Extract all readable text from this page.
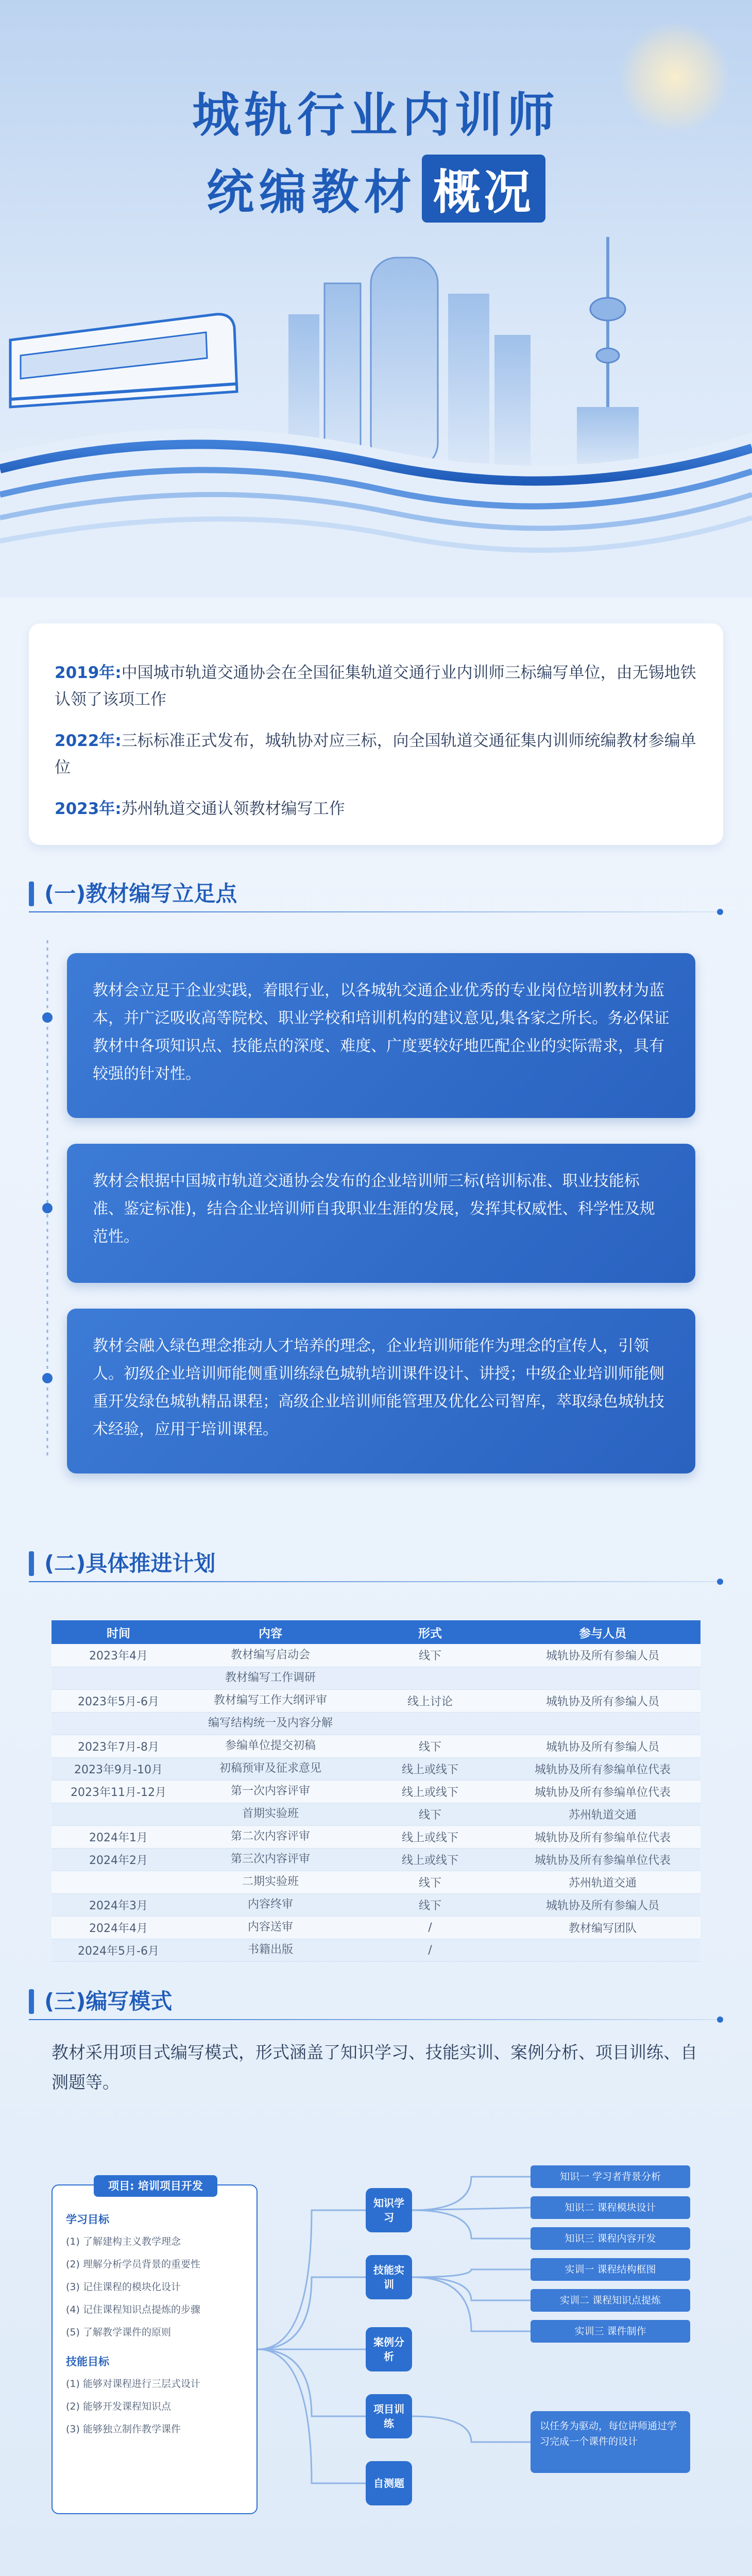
城轨行业内训师
统编教材 概况

2019年:中国城市轨道交通协会在全国征集轨道交通行业内训师三标编写单位，由无锡地铁认领了该项工作

2022年:三标标准正式发布，城轨协对应三标，向全国轨道交通征集内训师统编教材参编单位

2023年:苏州轨道交通认领教材编写工作

(一)教材编写立足点
教材会立足于企业实践，着眼行业，以各城轨交通企业优秀的专业岗位培训教材为蓝本，并广泛吸收高等院校、职业学校和培训机构的建议意见,集各家之所长。务必保证教材中各项知识点、技能点的深度、难度、广度要较好地匹配企业的实际需求，具有较强的针对性。
教材会根据中国城市轨道交通协会发布的企业培训师三标(培训标准、职业技能标准、鉴定标准)，结合企业培训师自我职业生涯的发展，发挥其权威性、科学性及规范性。
教材会融入绿色理念推动人才培养的理念，企业培训师能作为理念的宣传人，引领人。初级企业培训师能侧重训练绿色城轨培训课件设计、讲授；中级企业培训师能侧重开发绿色城轨精品课程；高级企业培训师能管理及优化公司智库，萃取绿色城轨技术经验，应用于培训课程。
(二)具体推进计划
时间	内容	形式	参与人员
2023年4月	教材编写启动会	线下	城轨协及所有参编人员
	教材编写工作调研		
2023年5月-6月	教材编写工作大纲评审	线上讨论	城轨协及所有参编人员
	编写结构统一及内容分解		
2023年7月-8月	参编单位提交初稿	线下	城轨协及所有参编人员
2023年9月-10月	初稿预审及征求意见	线上或线下	城轨协及所有参编单位代表
2023年11月-12月	第一次内容评审	线上或线下	城轨协及所有参编单位代表
	首期实验班	线下	苏州轨道交通
2024年1月	第二次内容评审	线上或线下	城轨协及所有参编单位代表
2024年2月	第三次内容评审	线上或线下	城轨协及所有参编单位代表
	二期实验班	线下	苏州轨道交通
2024年3月	内容终审	线下	城轨协及所有参编人员
2024年4月	内容送审	/	教材编写团队
2024年5月-6月	书籍出版	/	
(三)编写模式
教材采用项目式编写模式，形式涵盖了知识学习、技能实训、案例分析、项目训练、自测题等。
项目: 培训项目开发
学习目标
(1) 了解建构主义教学理念
(2) 理解分析学员背景的重要性
(3) 记住课程的模块化设计
(4) 记住课程知识点提炼的步骤
(5) 了解教学课件的原则
技能目标
(1) 能够对课程进行三层式设计
(2) 能够开发课程知识点
(3) 能够独立制作教学课件
知识学习
技能实训
案例分析
项目训练
自测题
知识一 学习者背景分析
知识二 课程模块设计
知识三 课程内容开发
实训一 课程结构框图
实训二 课程知识点提炼
实训三 课件制作
以任务为驱动，每位讲师通过学习完成一个课件的设计
